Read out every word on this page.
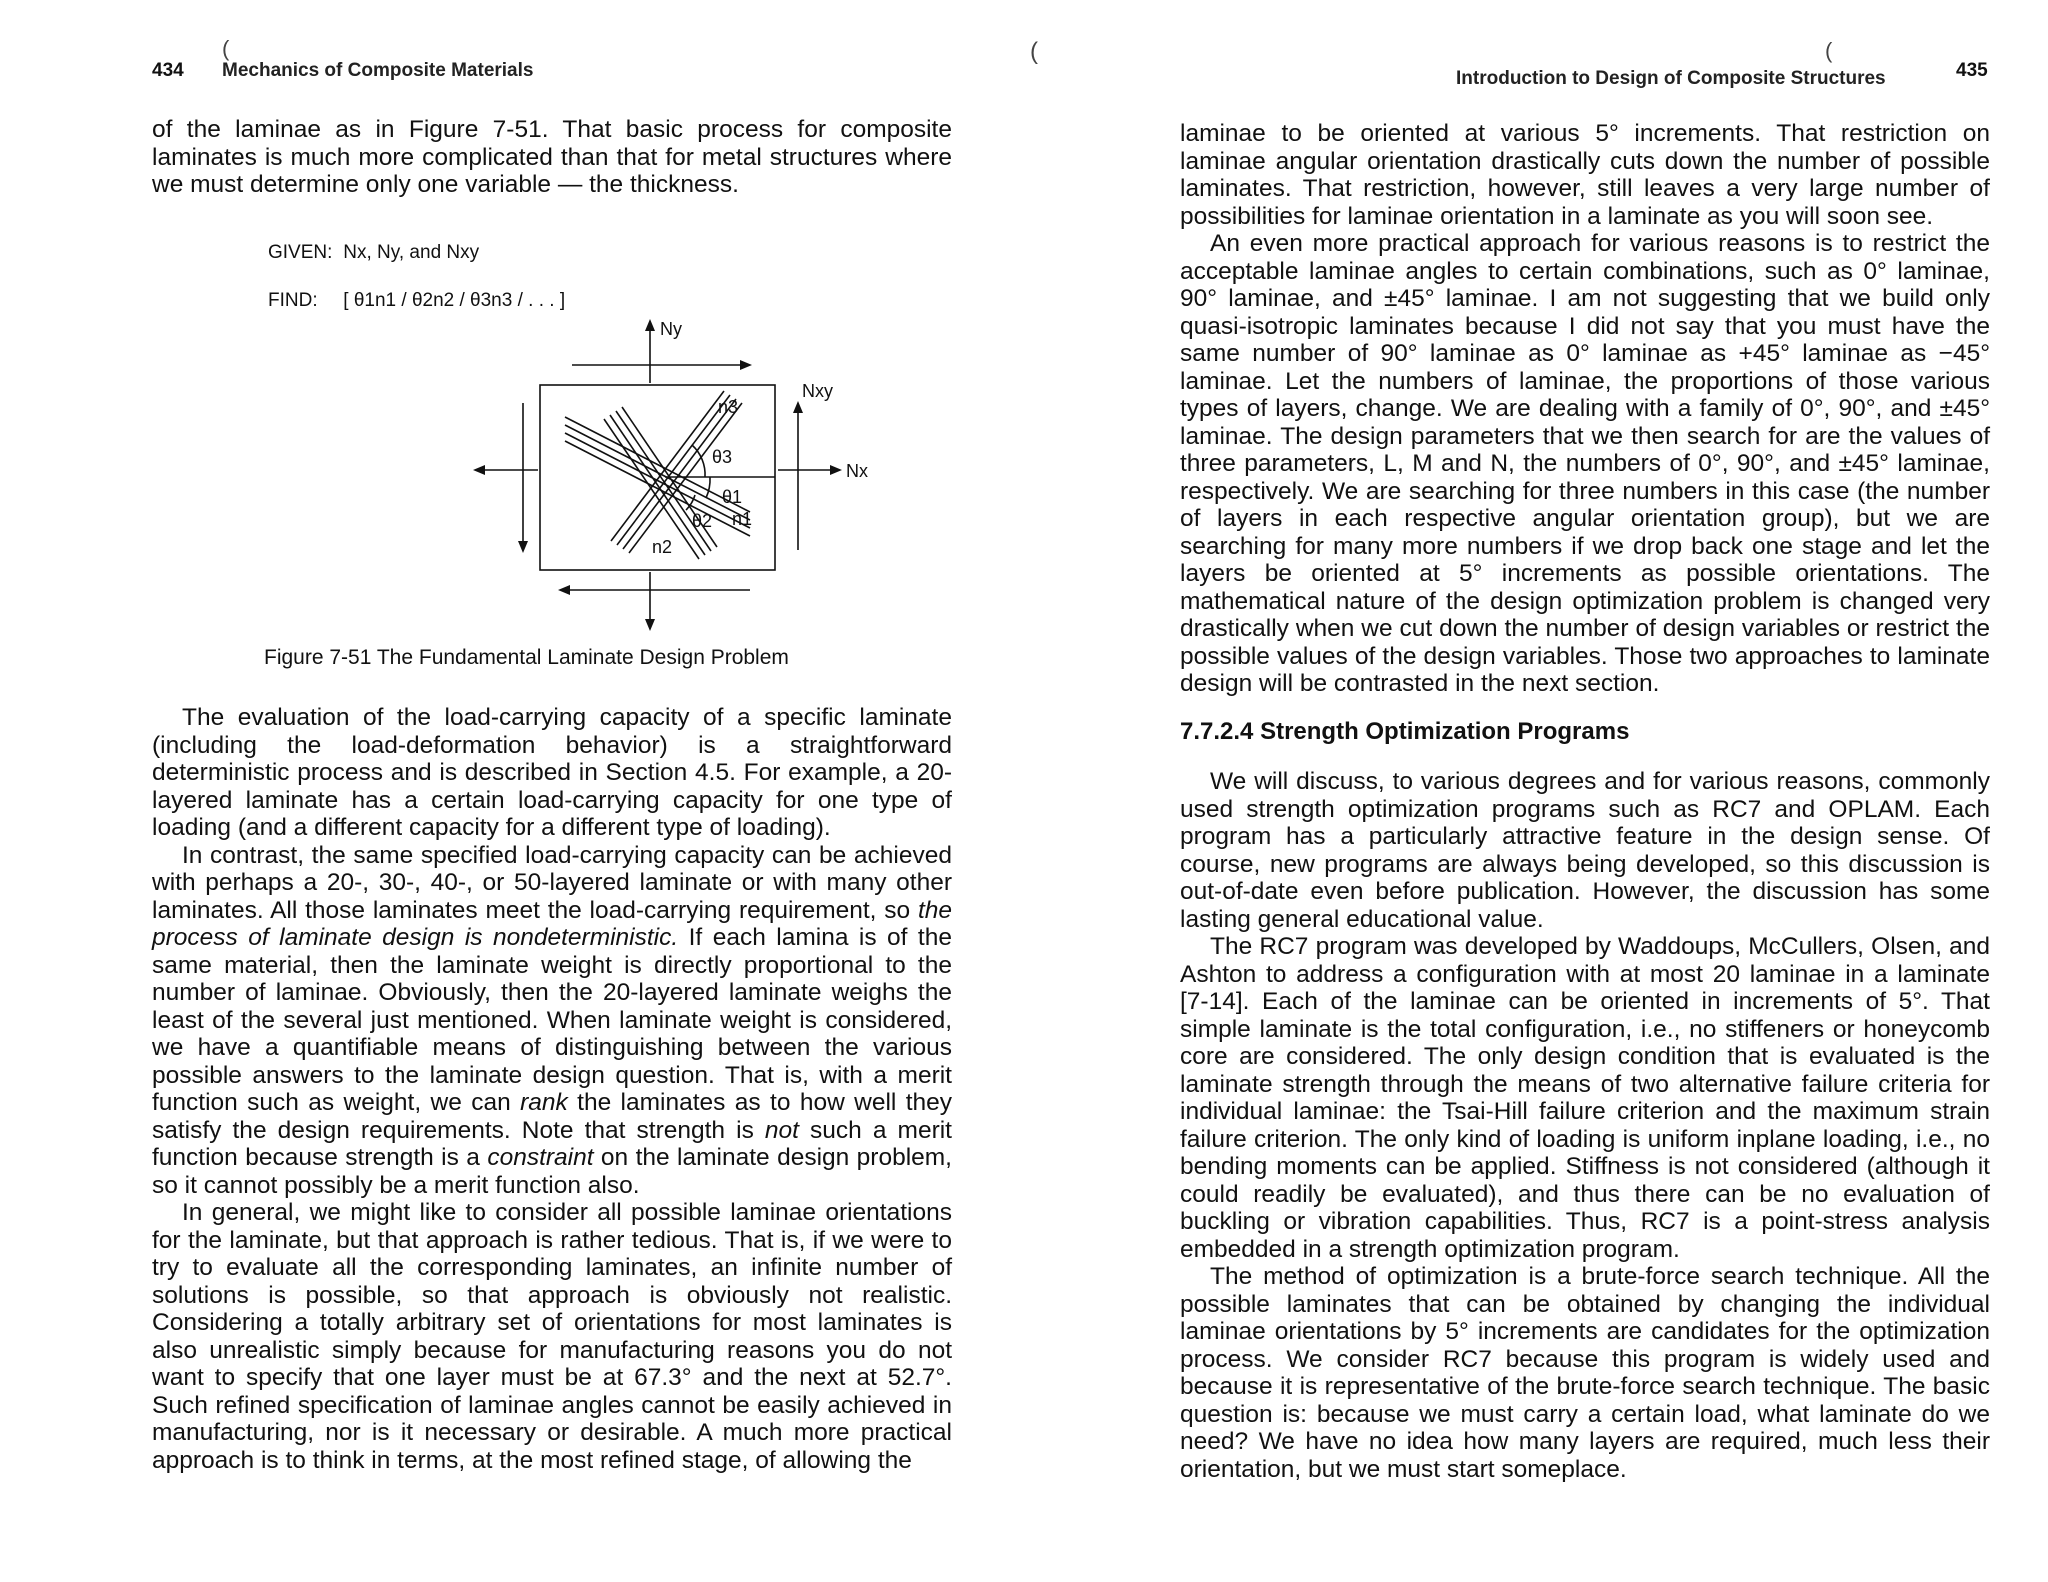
434 Mechanics of Composite Materials

of the laminae as in Figure 7-51. That basic process for composite laminates is much more complicated than that for metal structures where we must determine only one variable — the thickness.

GIVEN: Nx, Ny, and Nxy
FIND: [ θ1n1 / θ2n2 / θ3n3 / . . . ]
Ny
Nxy
Nx
n3
θ3
θ1
n1
θ2
n2
Figure 7-51 The Fundamental Laminate Design Problem

The evaluation of the load-carrying capacity of a specific laminate (including the load-deformation behavior) is a straightforward deterministic process and is described in Section 4.5. For example, a 20-layered laminate has a certain load-carrying capacity for one type of loading (and a different capacity for a different type of loading).

In contrast, the same specified load-carrying capacity can be achieved with perhaps a 20-, 30-, 40-, or 50-layered laminate or with many other laminates. All those laminates meet the load-carrying requirement, so the process of laminate design is nondeterministic. If each lamina is of the same material, then the laminate weight is directly proportional to the number of laminae. Obviously, then the 20-layered laminate weighs the least of the several just mentioned. When laminate weight is considered, we have a quantifiable means of distinguishing between the various possible answers to the laminate design question. That is, with a merit function such as weight, we can rank the laminates as to how well they satisfy the design requirements. Note that strength is not such a merit function because strength is a constraint on the laminate design problem, so it cannot possibly be a merit function also.

In general, we might like to consider all possible laminae orientations for the laminate, but that approach is rather tedious. That is, if we were to try to evaluate all the corresponding laminates, an infinite number of solutions is possible, so that approach is obviously not realistic. Considering a totally arbitrary set of orientations for most laminates is also unrealistic simply because for manufacturing reasons you do not want to specify that one layer must be at 67.3° and the next at 52.7°. Such refined specification of laminae angles cannot be easily achieved in manufacturing, nor is it necessary or desirable. A much more practical approach is to think in terms, at the most refined stage, of allowing the

(
(	(
Introduction to Design of Composite Structures	435

laminae to be oriented at various 5° increments. That restriction on laminae angular orientation drastically cuts down the number of possible laminates. That restriction, however, still leaves a very large number of possibilities for laminae orientation in a laminate as you will soon see.

An even more practical approach for various reasons is to restrict the acceptable laminae angles to certain combinations, such as 0° laminae, 90° laminae, and ±45° laminae. I am not suggesting that we build only quasi-isotropic laminates because I did not say that you must have the same number of 90° laminae as 0° laminae as +45° laminae as −45° laminae. Let the numbers of laminae, the proportions of those various types of layers, change. We are dealing with a family of 0°, 90°, and ±45° laminae. The design parameters that we then search for are the values of three parameters, L, M and N, the numbers of 0°, 90°, and ±45° laminae, respectively. We are searching for three numbers in this case (the number of layers in each respective angular orientation group), but we are searching for many more numbers if we drop back one stage and let the layers be oriented at 5° increments as possible orientations. The mathematical nature of the design optimization problem is changed very drastically when we cut down the number of design variables or restrict the possible values of the design variables. Those two approaches to laminate design will be contrasted in the next section.

7.7.2.4 Strength Optimization Programs

We will discuss, to various degrees and for various reasons, commonly used strength optimization programs such as RC7 and OPLAM. Each program has a particularly attractive feature in the design sense. Of course, new programs are always being developed, so this discussion is out-of-date even before publication. However, the discussion has some lasting general educational value.

The RC7 program was developed by Waddoups, McCullers, Olsen, and Ashton to address a configuration with at most 20 laminae in a laminate [7-14]. Each of the laminae can be oriented in increments of 5°. That simple laminate is the total configuration, i.e., no stiffeners or honeycomb core are considered. The only design condition that is evaluated is the laminate strength through the means of two alternative failure criteria for individual laminae: the Tsai-Hill failure criterion and the maximum strain failure criterion. The only kind of loading is uniform inplane loading, i.e., no bending moments can be applied. Stiffness is not considered (although it could readily be evaluated), and thus there can be no evaluation of buckling or vibration capabilities. Thus, RC7 is a point-stress analysis embedded in a strength optimization program.

The method of optimization is a brute-force search technique. All the possible laminates that can be obtained by changing the individual laminae orientations by 5° increments are candidates for the optimization process. We consider RC7 because this program is widely used and because it is representative of the brute-force search technique. The basic question is: because we must carry a certain load, what laminate do we need? We have no idea how many layers are required, much less their orientation, but we must start someplace.
